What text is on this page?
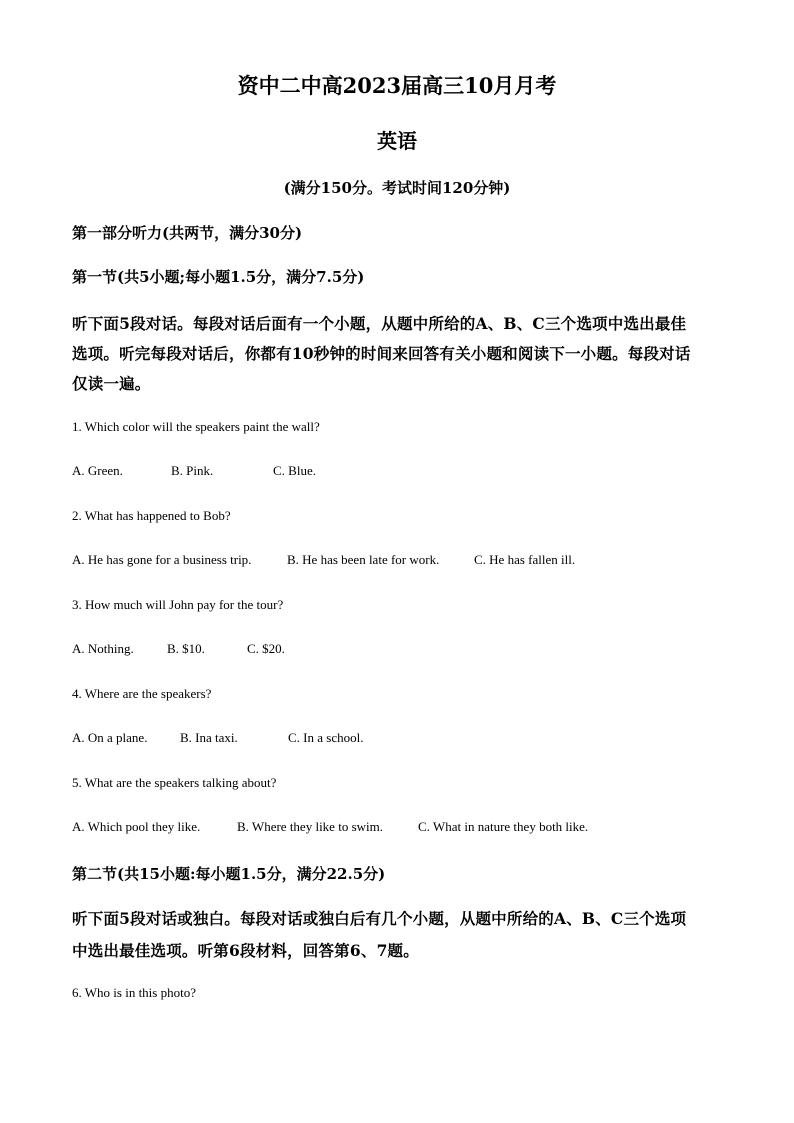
资中二中高2023届高三10月月考
英语
(满分150分。考试时间120分钟)
第一部分听力(共两节，满分30分)
第一节(共5小题;每小题1.5分，满分7.5分)
听下面5段对话。每段对话后面有一个小题，从题中所给的A、B、C三个选项中选出最佳
选项。听完每段对话后，你都有10秒钟的时间来回答有关小题和阅读下一小题。每段对话
仅读一遍。
1. Which color will the speakers paint the wall?
A. Green.	B. Pink.	C. Blue.
2. What has happened to Bob?
A. He has gone for a business trip.	B. He has been late for work.	C. He has fallen ill.
3. How much will John pay for the tour?
A. Nothing.	B. $10.	C. $20.
4. Where are the speakers?
A. On a plane.	B. Ina taxi.	C. In a school.
5. What are the speakers talking about?
A. Which pool they like.	B. Where they like to swim.	C. What in nature they both like.
第二节(共15小题:每小题1.5分，满分22.5分)
听下面5段对话或独白。每段对话或独白后有几个小题，从题中所给的A、B、C三个选项
中选出最佳选项。听第6段材料，回答第6、7题。
6. Who is in this photo?
